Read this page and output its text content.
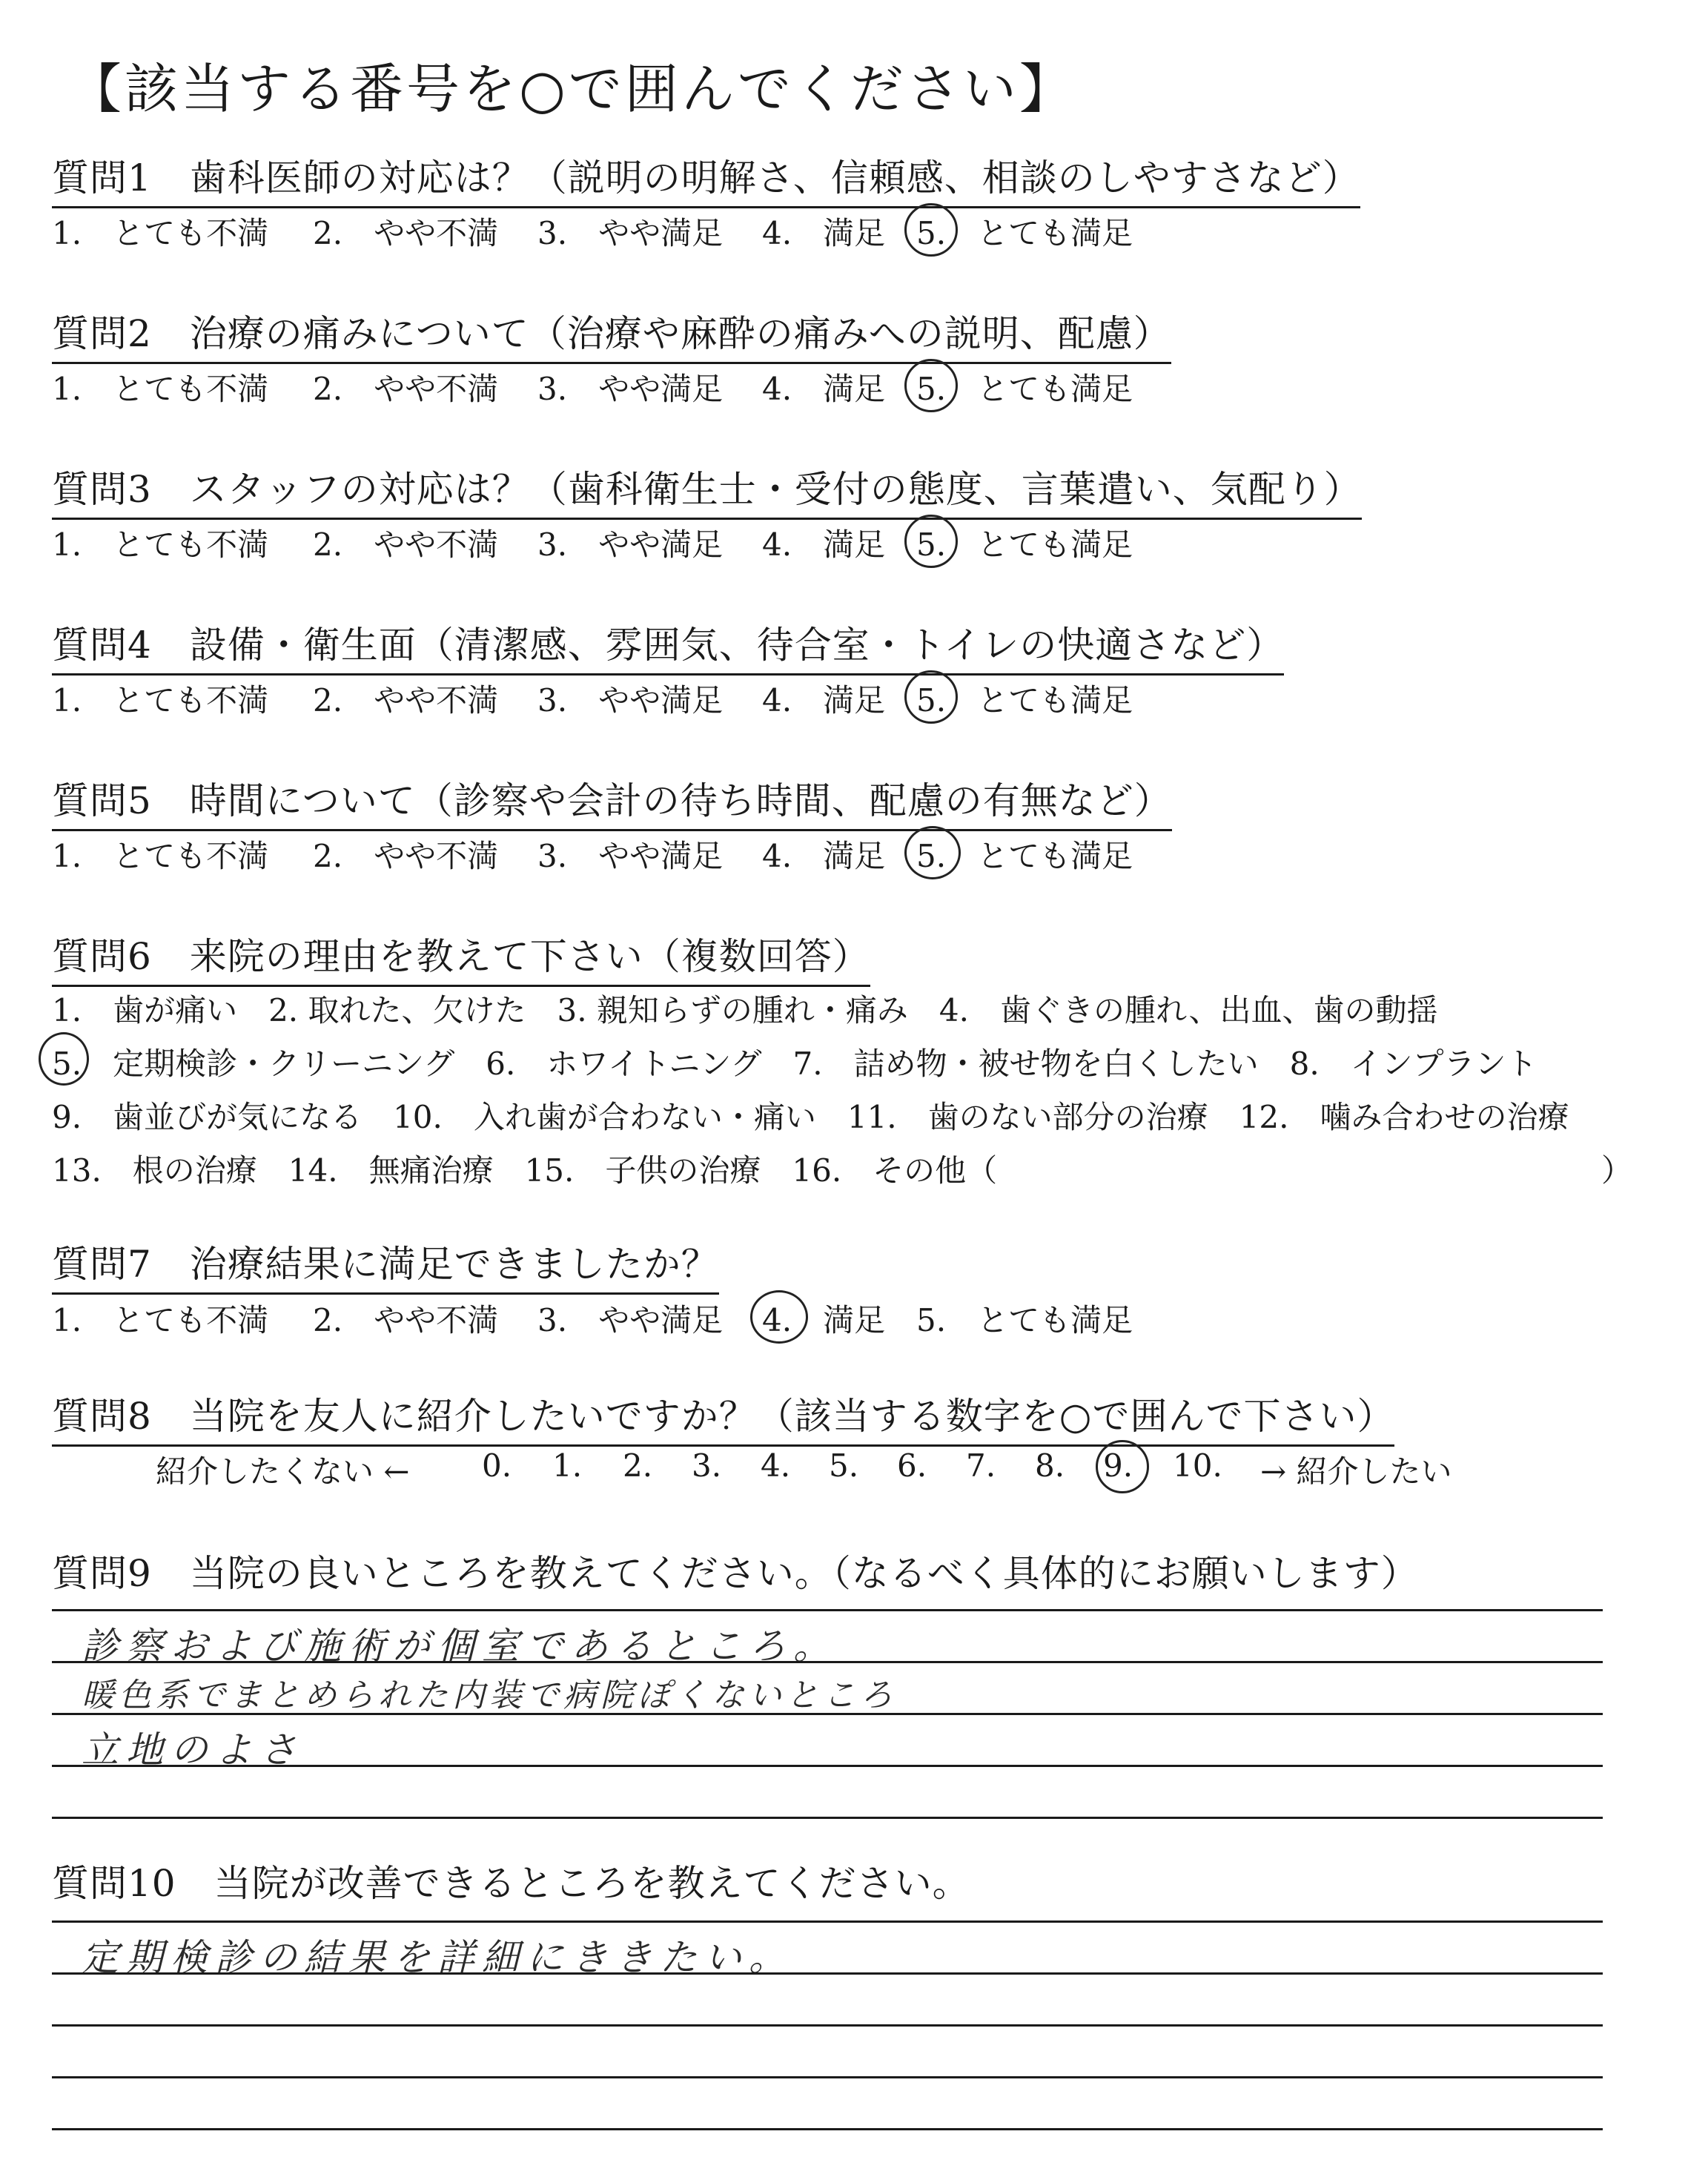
【該当する番号を○で囲んでください】
質問1　歯科医師の対応は？（説明の明解さ、信頼感、相談のしやすさなど）
1.　とても不満 2.　やや不満 3.　やや満足 4.　満足 5.　とても満足
質問2　治療の痛みについて（治療や麻酔の痛みへの説明、配慮）
1.　とても不満 2.　やや不満 3.　やや満足 4.　満足 5.　とても満足
質問3　スタッフの対応は？（歯科衛生士・受付の態度、言葉遣い、気配り）
1.　とても不満 2.　やや不満 3.　やや満足 4.　満足 5.　とても満足
質問4　設備・衛生面（清潔感、雰囲気、待合室・トイレの快適さなど）
1.　とても不満 2.　やや不満 3.　やや満足 4.　満足 5.　とても満足
質問5　時間について（診察や会計の待ち時間、配慮の有無など）
1.　とても不満 2.　やや不満 3.　やや満足 4.　満足 5.　とても満足
質問6　来院の理由を教えて下さい（複数回答）
1.　歯が痛い　2. 取れた、欠けた　3. 親知らずの腫れ・痛み　4.　歯ぐきの腫れ、出血、歯の動揺
5.　定期検診・クリーニング　6.　ホワイトニング　7.　詰め物・被せ物を白くしたい　8.　インプラント
9.　歯並びが気になる　10.　入れ歯が合わない・痛い　11.　歯のない部分の治療　12.　噛み合わせの治療
13.　根の治療　14.　無痛治療　15.　子供の治療　16.　その他（	）
質問7　治療結果に満足できましたか？
1.　とても不満 2.　やや不満 3.　やや満足 4.　満足 5.　とても満足
質問8　当院を友人に紹介したいですか？（該当する数字を○で囲んで下さい）
紹介したくない ← 0. 1. 2. 3. 4. 5. 6. 7. 8. 9. 10. → 紹介したい
質問9　当院の良いところを教えてください。（なるべく具体的にお願いします）
診察および施術が個室であるところ。
暖色系でまとめられた内装で病院ぽくないところ
立地のよさ
質問10　当院が改善できるところを教えてください。
定期検診の結果を詳細にききたい。
